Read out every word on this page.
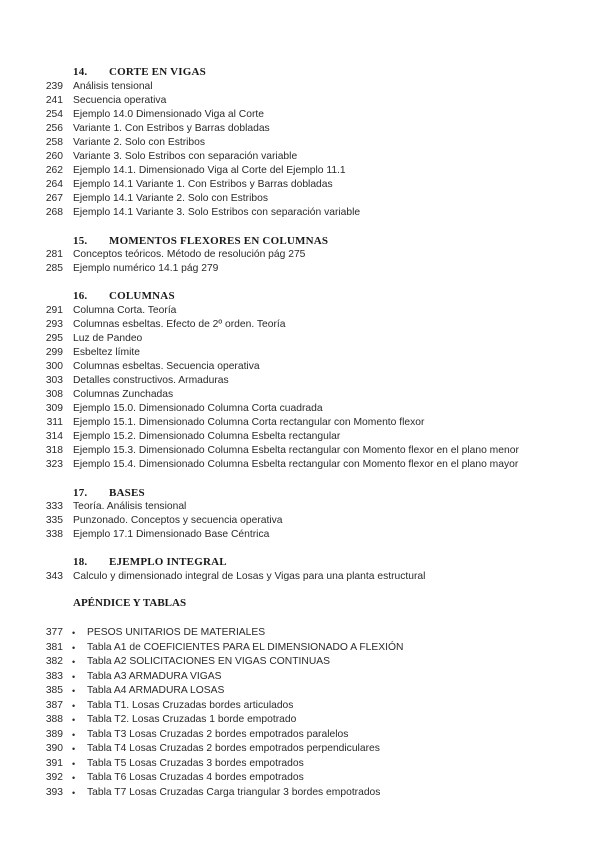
14. CORTE EN VIGAS
239 Análisis tensional
241 Secuencia operativa
254 Ejemplo 14.0 Dimensionado Viga al Corte
256 Variante 1. Con Estribos y Barras dobladas
258 Variante 2. Solo con Estribos
260 Variante 3. Solo Estribos con separación variable
262 Ejemplo 14.1. Dimensionado Viga al Corte del Ejemplo 11.1
264 Ejemplo 14.1 Variante 1. Con Estribos y Barras dobladas
267 Ejemplo 14.1 Variante 2. Solo con Estribos
268 Ejemplo 14.1 Variante 3. Solo Estribos con separación variable
15. MOMENTOS FLEXORES EN COLUMNAS
281 Conceptos teóricos. Método de resolución pág 275
285 Ejemplo numérico 14.1 pág 279
16. COLUMNAS
291 Columna Corta. Teoría
293 Columnas esbeltas. Efecto de 2º orden. Teoría
295 Luz de Pandeo
299 Esbeltez límite
300 Columnas esbeltas. Secuencia operativa
303 Detalles constructivos. Armaduras
308 Columnas Zunchadas
309 Ejemplo 15.0. Dimensionado Columna Corta cuadrada
311 Ejemplo 15.1. Dimensionado Columna Corta rectangular con Momento flexor
314 Ejemplo 15.2. Dimensionado Columna Esbelta rectangular
318 Ejemplo 15.3. Dimensionado Columna Esbelta rectangular con Momento flexor en el plano menor
323 Ejemplo 15.4. Dimensionado Columna Esbelta rectangular con Momento flexor en el plano mayor
17. BASES
333 Teoría. Análisis tensional
335 Punzonado. Conceptos y secuencia operativa
338 Ejemplo 17.1 Dimensionado Base Céntrica
18. EJEMPLO INTEGRAL
343 Calculo y dimensionado integral de Losas y Vigas para una planta estructural
APÉNDICE Y TABLAS
377 • PESOS UNITARIOS DE MATERIALES
381 • Tabla A1 de COEFICIENTES PARA EL DIMENSIONADO A FLEXIÓN
382 • Tabla A2 SOLICITACIONES EN VIGAS CONTINUAS
383 • Tabla A3 ARMADURA VIGAS
385 • Tabla A4 ARMADURA LOSAS
387 • Tabla T1. Losas Cruzadas bordes articulados
388 • Tabla T2. Losas Cruzadas 1 borde empotrado
389 • Tabla T3 Losas Cruzadas 2 bordes empotrados paralelos
390 • Tabla T4 Losas Cruzadas 2 bordes empotrados perpendiculares
391 • Tabla T5 Losas Cruzadas 3 bordes empotrados
392 • Tabla T6 Losas Cruzadas 4 bordes empotrados
393 • Tabla T7 Losas Cruzadas Carga triangular 3 bordes empotrados
